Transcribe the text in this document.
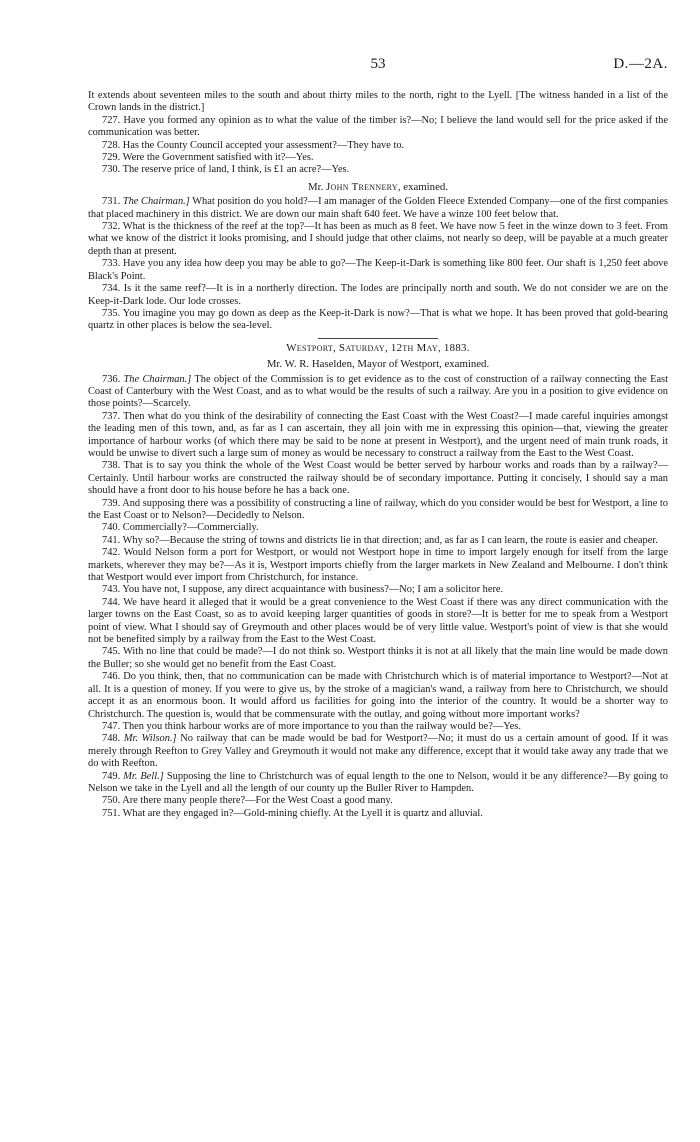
53	D.—2A.

It extends about seventeen miles to the south and about thirty miles to the north, right to the Lyell. [The witness handed in a list of the Crown lands in the district.]

727. Have you formed any opinion as to what the value of the timber is?—No; I believe the land would sell for the price asked if the communication was better.

728. Has the County Council accepted your assessment?—They have to.

729. Were the Government satisfied with it?—Yes.

730. The reserve price of land, I think, is £1 an acre?—Yes.

Mr. John Trennery, examined.

731. The Chairman.] What position do you hold?—I am manager of the Golden Fleece Extended Company—one of the first companies that placed machinery in this district. We are down our main shaft 640 feet. We have a winze 100 feet below that.

732. What is the thickness of the reef at the top?—It has been as much as 8 feet. We have now 5 feet in the winze down to 3 feet. From what we know of the district it looks promising, and I should judge that other claims, not nearly so deep, will be payable at a much greater depth than at present.

733. Have you any idea how deep you may be able to go?—The Keep-it-Dark is something like 800 feet. Our shaft is 1,250 feet above Black's Point.

734. Is it the same reef?—It is in a northerly direction. The lodes are principally north and south. We do not consider we are on the Keep-it-Dark lode. Our lode crosses.

735. You imagine you may go down as deep as the Keep-it-Dark is now?—That is what we hope. It has been proved that gold-bearing quartz in other places is below the sea-level.

Westport, Saturday, 12th May, 1883.

Mr. W. R. Haselden, Mayor of Westport, examined.

736. The Chairman.] The object of the Commission is to get evidence as to the cost of construction of a railway connecting the East Coast of Canterbury with the West Coast, and as to what would be the results of such a railway. Are you in a position to give evidence on those points?—Scarcely.

737. Then what do you think of the desirability of connecting the East Coast with the West Coast?—I made careful inquiries amongst the leading men of this town, and, as far as I can ascertain, they all join with me in expressing this opinion—that, viewing the greater importance of harbour works (of which there may be said to be none at present in Westport), and the urgent need of main trunk roads, it would be unwise to divert such a large sum of money as would be necessary to construct a railway from the East to the West Coast.

738. That is to say you think the whole of the West Coast would be better served by harbour works and roads than by a railway?—Certainly. Until harbour works are constructed the railway should be of secondary importance. Putting it concisely, I should say a man should have a front door to his house before he has a back one.

739. And supposing there was a possibility of constructing a line of railway, which do you consider would be best for Westport, a line to the East Coast or to Nelson?—Decidedly to Nelson.

740. Commercially?—Commercially.

741. Why so?—Because the string of towns and districts lie in that direction; and, as far as I can learn, the route is easier and cheaper.

742. Would Nelson form a port for Westport, or would not Westport hope in time to import largely enough for itself from the large markets, wherever they may be?—As it is, Westport imports chiefly from the larger markets in New Zealand and Melbourne. I don't think that Westport would ever import from Christchurch, for instance.

743. You have not, I suppose, any direct acquaintance with business?—No; I am a solicitor here.

744. We have heard it alleged that it would be a great convenience to the West Coast if there was any direct communication with the larger towns on the East Coast, so as to avoid keeping larger quantities of goods in store?—It is better for me to speak from a Westport point of view. What I should say of Greymouth and other places would be of very little value. Westport's point of view is that she would not be benefited simply by a railway from the East to the West Coast.

745. With no line that could be made?—I do not think so. Westport thinks it is not at all likely that the main line would be made down the Buller; so she would get no benefit from the East Coast.

746. Do you think, then, that no communication can be made with Christchurch which is of material importance to Westport?—Not at all. It is a question of money. If you were to give us, by the stroke of a magician's wand, a railway from here to Christchurch, we should accept it as an enormous boon. It would afford us facilities for going into the interior of the country. It would be a shorter way to Christchurch. The question is, would that be commensurate with the outlay, and going without more important works?

747. Then you think harbour works are of more importance to you than the railway would be?—Yes.

748. Mr. Wilson.] No railway that can be made would be bad for Westport?—No; it must do us a certain amount of good. If it was merely through Reefton to Grey Valley and Greymouth it would not make any difference, except that it would take away any trade that we do with Reefton.

749. Mr. Bell.] Supposing the line to Christchurch was of equal length to the one to Nelson, would it be any difference?—By going to Nelson we take in the Lyell and all the length of our county up the Buller River to Hampden.

750. Are there many people there?—For the West Coast a good many.

751. What are they engaged in?—Gold-mining chiefly. At the Lyell it is quartz and alluvial.
